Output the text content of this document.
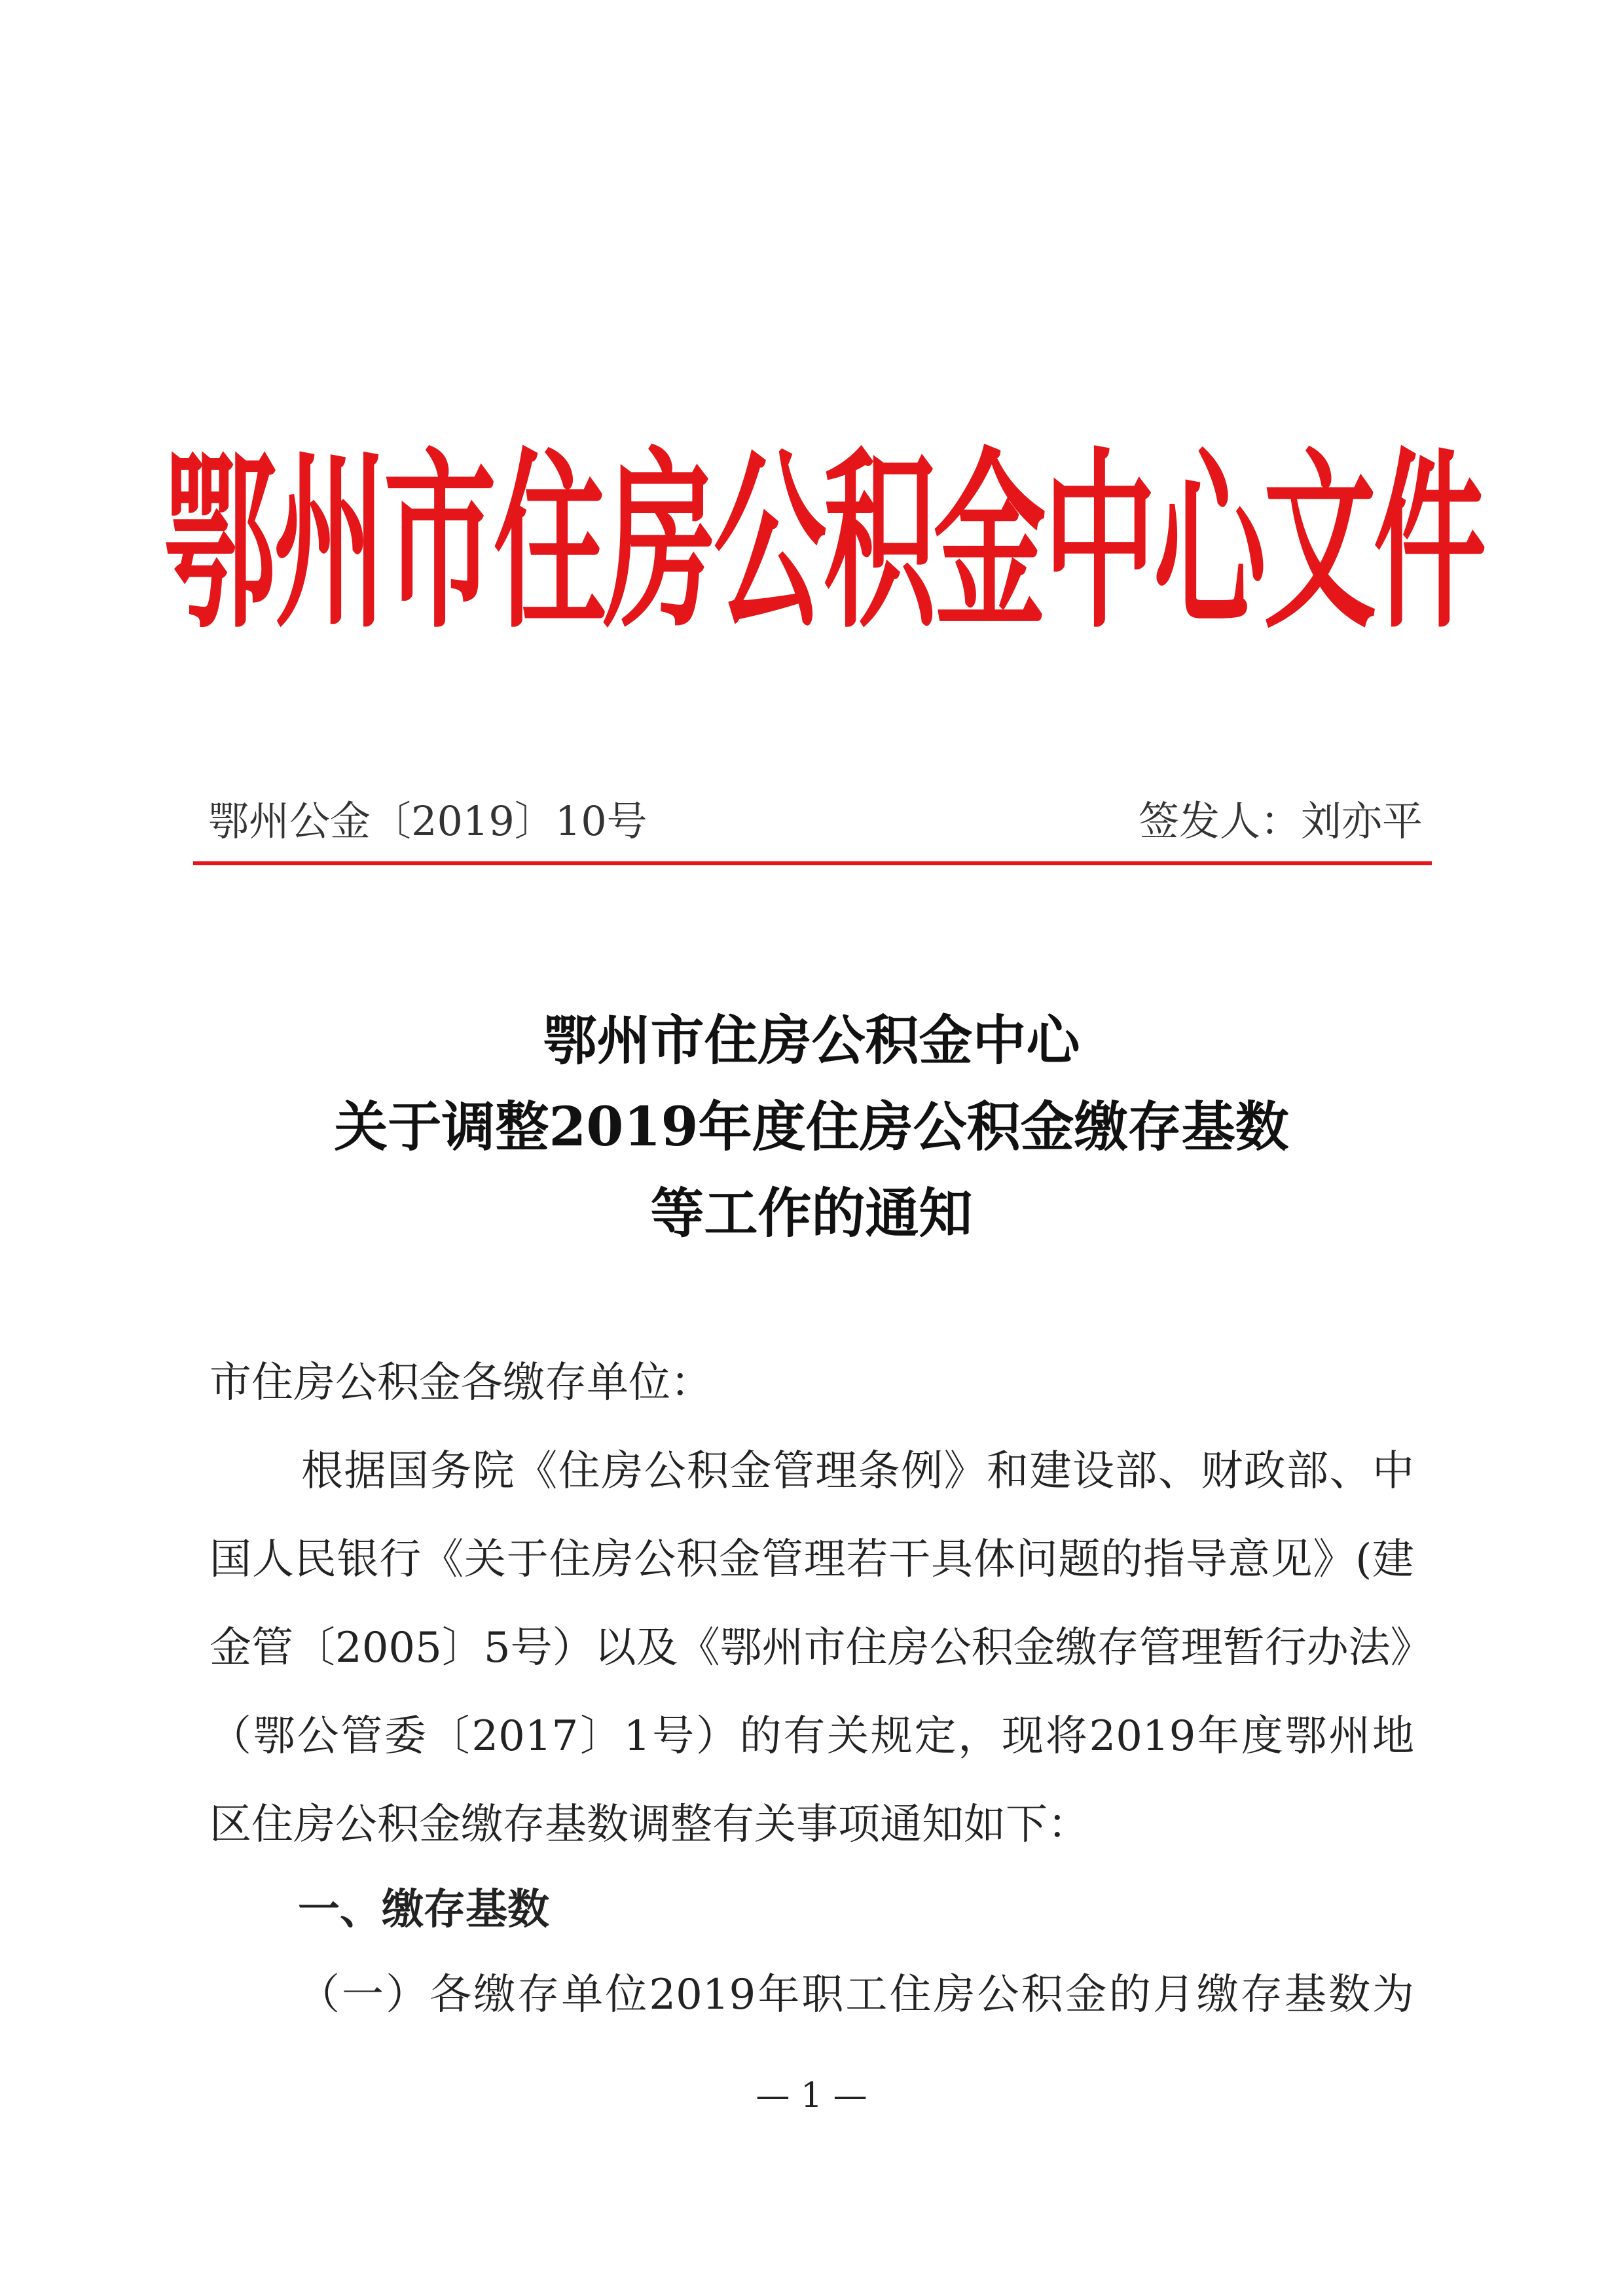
鄂州市住房公积金中心文件
鄂州公金〔2019〕10号	签发人：刘亦平
鄂州市住房公积金中心
关于调整2019年度住房公积金缴存基数
等工作的通知
市住房公积金各缴存单位：
根据国务院《住房公积金管理条例》和建设部、财政部、中
国人民银行《关于住房公积金管理若干具体问题的指导意见》(建
金管〔2005〕5号）以及《鄂州市住房公积金缴存管理暂行办法》
（鄂公管委〔2017〕1号）的有关规定，现将2019年度鄂州地
区住房公积金缴存基数调整有关事项通知如下：
一、缴存基数
（一）各缴存单位2019年职工住房公积金的月缴存基数为
— 1 —
